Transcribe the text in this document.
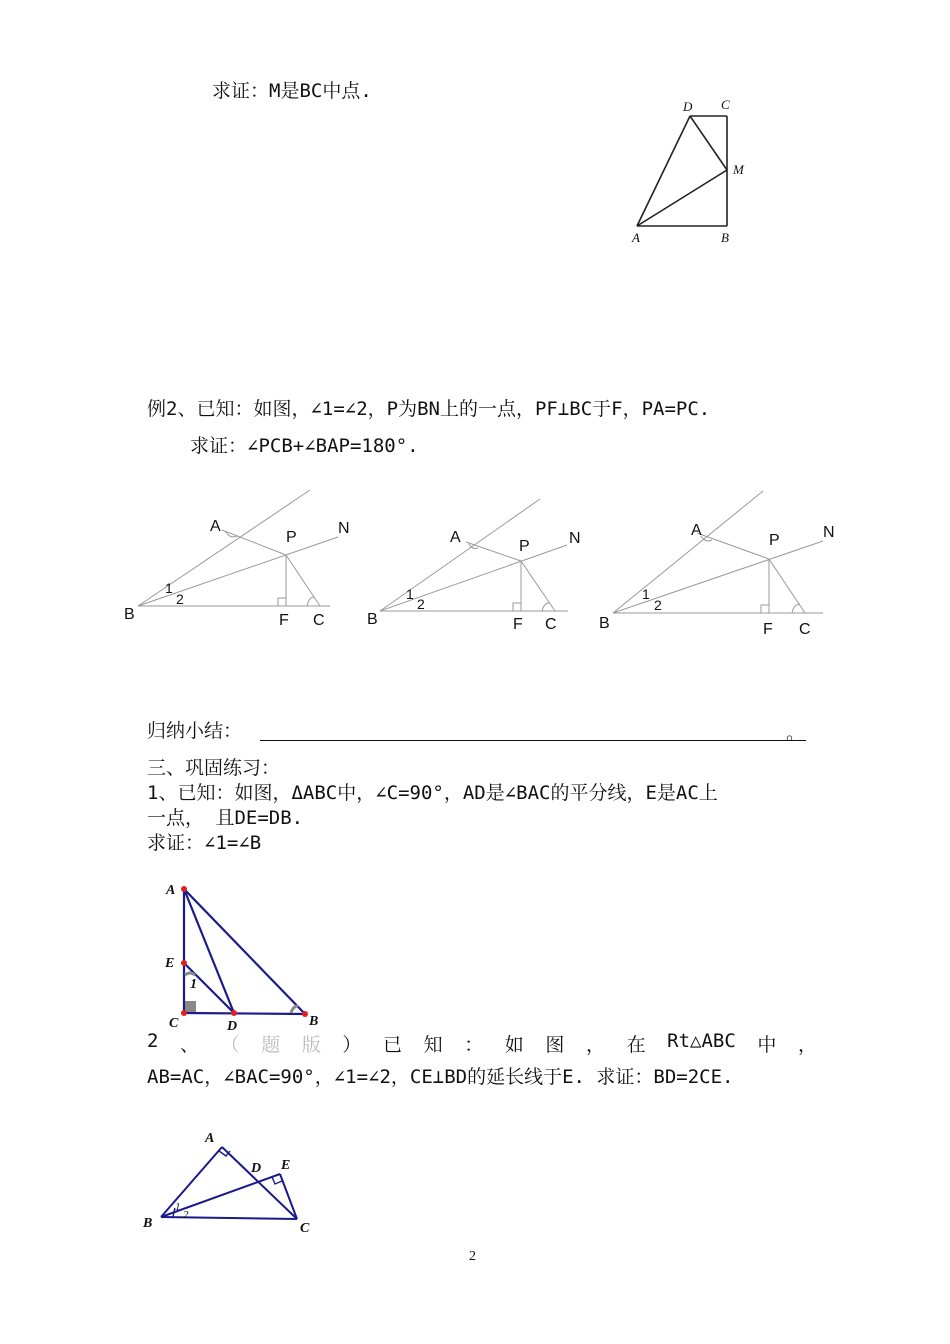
求证：M是BC中点.
D C
M
A	B
例2、已知：如图，∠1=∠2，P为BN上的一点，PF⊥BC于F，PA=PC.
求证：∠PCB+∠BAP=180°.
A
P
N
1
2
B	F C
A
P N
1
2
B	F C
A
P	N
1
2
B	F C
归纳小结：	。
三、巩固练习：
1、已知：如图，ΔABC中，∠C=90°，AD是∠BAC的平分线，E是AC上
一点， 且DE=DB.
求证：∠1=∠B
A
E
1
C	D	B
2 、 （ 题 版 ） 已 知 ： 如 图 ， 在 Rt△ABC 中 ，
AB=AC，∠BAC=90°，∠1=∠2，CE⊥BD的延长线于E. 求证：BD=2CE.
A
D E
1
2
B	C
2
